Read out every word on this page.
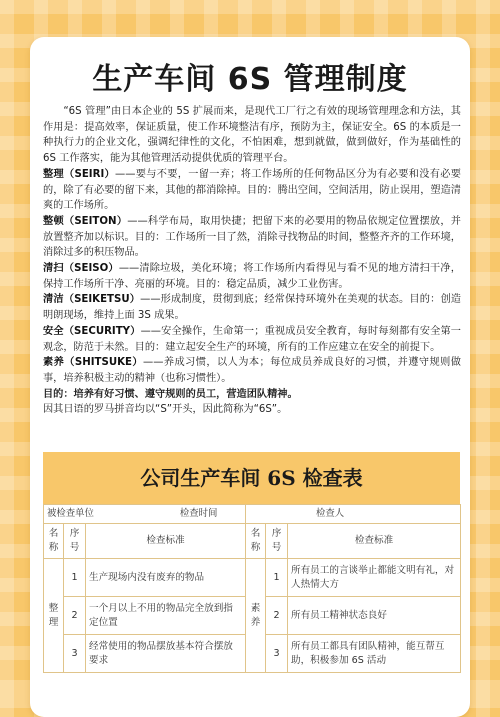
生产车间 6S 管理制度

“6S 管理”由日本企业的 5S 扩展而来，是现代工厂行之有效的现场管理理念和方法，其作用是：提高效率，保证质量，使工作环境整洁有序，预防为主，保证安全。6S 的本质是一种执行力的企业文化，强调纪律性的文化，不怕困难，想到就做，做到做好，作为基础性的 6S 工作落实，能为其他管理活动提供优质的管理平台。

整理（SEIRI）——要与不要，一留一弃；将工作场所的任何物品区分为有必要和没有必要的，除了有必要的留下来，其他的都消除掉。目的：腾出空间，空间活用，防止误用，塑造清爽的工作场所。

整顿（SEITON）——科学布局，取用快捷；把留下来的必要用的物品依规定位置摆放，并放置整齐加以标识。目的：工作场所一目了然，消除寻找物品的时间，整整齐齐的工作环境，消除过多的积压物品。

清扫（SEISO）——清除垃圾，美化环境；将工作场所内看得见与看不见的地方清扫干净，保持工作场所干净、亮丽的环境。目的：稳定品质，减少工业伤害。

清洁（SEIKETSU）——形成制度，贯彻到底；经常保持环境外在美观的状态。目的：创造明朗现场，维持上面 3S 成果。

安全（SECURITY）——安全操作，生命第一；重视成员安全教育，每时每刻都有安全第一观念，防范于未然。目的：建立起安全生产的环境，所有的工作应建立在安全的前提下。

素养（SHITSUKE）——养成习惯，以人为本；每位成员养成良好的习惯，并遵守规则做事，培养积极主动的精神（也称习惯性）。

目的：培养有好习惯、遵守规则的员工，营造团队精神。

因其日语的罗马拼音均以“S”开头，因此简称为“6S”。

公司生产车间 6S 检查表
被检查单位 检查时间			检查人		
名称	序号	检查标准	名称	序号	检查标准
整理	1	生产现场内没有废弃的物品	素养	1	所有员工的言谈举止都能文明有礼，对人热情大方
	2	一个月以上不用的物品完全放到指定位置		2	所有员工精神状态良好
	3	经常使用的物品摆放基本符合摆放要求		3	所有员工都具有团队精神，能互帮互助，积极参加 6S 活动
